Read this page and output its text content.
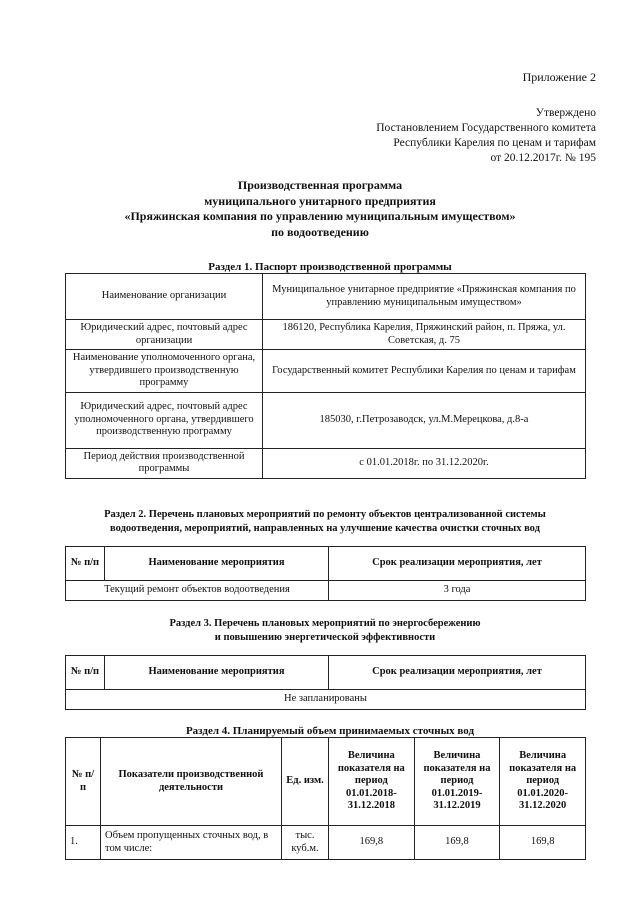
Приложение 2
Утверждено
Постановлением Государственного комитета
Республики Карелия по ценам и тарифам
от 20.12.2017г. № 195
Производственная программа
муниципального унитарного предприятия
«Пряжинская компания по управлению муниципальным имуществом»
по водоотведению
Раздел 1. Паспорт производственной программы
Наименование организации	Муниципальное унитарное предприятие «Пряжинская компания по управлению муниципальным имуществом»
Юридический адрес, почтовый адрес организации	186120, Республика Карелия, Пряжинский район, п. Пряжа, ул. Советская, д. 75
Наименование уполномоченного органа, утвердившего производственную программу	Государственный комитет Республики Карелия по ценам и тарифам
Юридический адрес, почтовый адрес уполномоченного органа, утвердившего производственную программу	185030, г.Петрозаводск, ул.М.Мерецкова, д.8-а
Период действия производственной программы	с 01.01.2018г. по 31.12.2020г.
Раздел 2. Перечень плановых мероприятий по ремонту объектов централизованной системы
водоотведения, мероприятий, направленных на улучшение качества очистки сточных вод
№ п/п	Наименование мероприятия	Срок реализации мероприятия, лет
Текущий ремонт объектов водоотведения		3 года
Раздел 3. Перечень плановых мероприятий по энергосбережению
и повышению энергетической эффективности
№ п/п	Наименование мероприятия	Срок реализации мероприятия, лет
Не запланированы
Раздел 4. Планируемый объем принимаемых сточных вод
№ п/п	Показатели производственной деятельности	Ед. изм.	Величина показателя на период 01.01.2018-31.12.2018	Величина показателя на период 01.01.2019-31.12.2019	Величина показателя на период 01.01.2020-31.12.2020
1.	Объем пропущенных сточных вод, в том числе:	тыс. куб.м.	169,8	169,8	169,8
